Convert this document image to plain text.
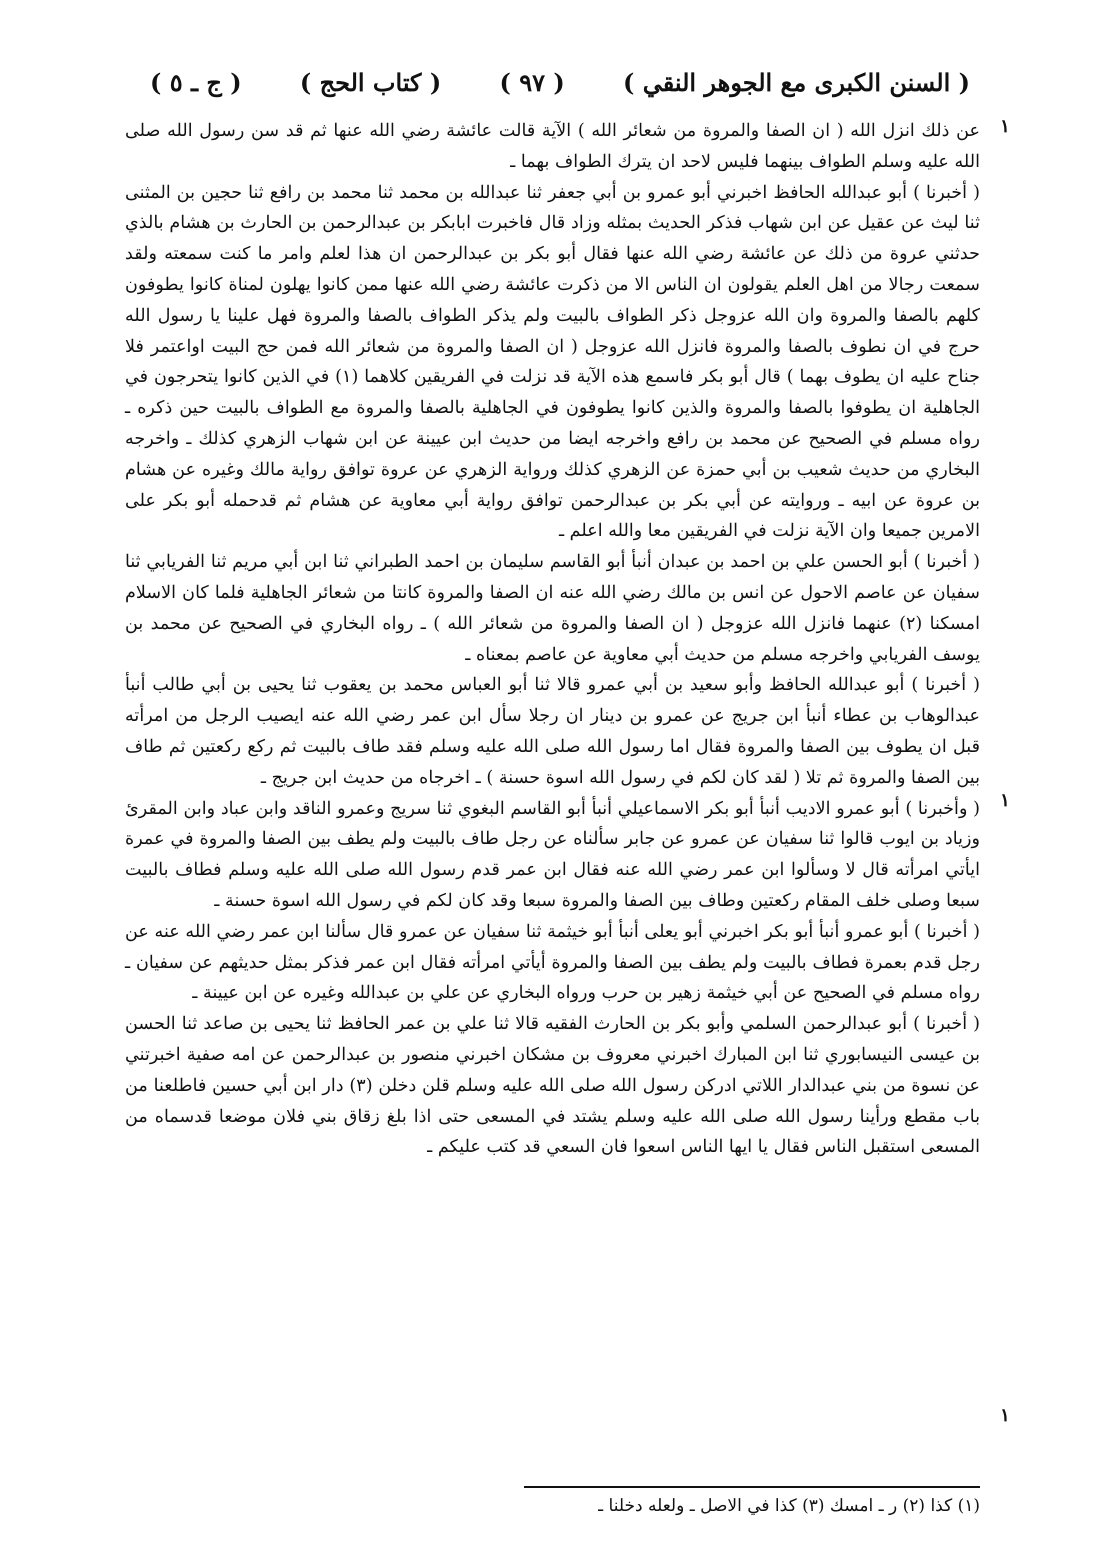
( السنن الكبرى مع الجوهر النقي )
( ٩٧ )
( كتاب الحج )
( ج ـ ٥ )
١
١
١

عن ذلك انزل الله ( ان الصفا والمروة من شعائر الله ) الآية قالت عائشة رضي الله عنها ثم قد سن رسول الله صلى الله عليه وسلم الطواف بينهما فليس لاحد ان يترك الطواف بهما ـ

( أخبرنا ) أبو عبدالله الحافظ اخبرني أبو عمرو بن أبي جعفر ثنا عبدالله بن محمد ثنا محمد بن رافع ثنا حجين بن المثنى ثنا ليث عن عقيل عن ابن شهاب فذكر الحديث بمثله وزاد قال فاخبرت ابابكر بن عبدالرحمن بن الحارث بن هشام بالذي حدثني عروة من ذلك عن عائشة رضي الله عنها فقال أبو بكر بن عبدالرحمن ان هذا لعلم وامر ما كنت سمعته ولقد سمعت رجالا من اهل العلم يقولون ان الناس الا من ذكرت عائشة رضي الله عنها ممن كانوا يهلون لمناة كانوا يطوفون كلهم بالصفا والمروة وان الله عزوجل ذكر الطواف بالبيت ولم يذكر الطواف بالصفا والمروة فهل علينا يا رسول الله حرج في ان نطوف بالصفا والمروة فانزل الله عزوجل ( ان الصفا والمروة من شعائر الله فمن حج البيت اواعتمر فلا جناح عليه ان يطوف بهما ) قال أبو بكر فاسمع هذه الآية قد نزلت في الفريقين كلاهما (١) في الذين كانوا يتحرجون في الجاهلية ان يطوفوا بالصفا والمروة والذين كانوا يطوفون في الجاهلية بالصفا والمروة مع الطواف بالبيت حين ذكره ـ رواه مسلم في الصحيح عن محمد بن رافع واخرجه ايضا من حديث ابن عيينة عن ابن شهاب الزهري كذلك ـ واخرجه البخاري من حديث شعيب بن أبي حمزة عن الزهري كذلك ورواية الزهري عن عروة توافق رواية مالك وغيره عن هشام بن عروة عن ابيه ـ وروايته عن أبي بكر بن عبدالرحمن توافق رواية أبي معاوية عن هشام ثم قدحمله أبو بكر على الامرين جميعا وان الآية نزلت في الفريقين معا والله اعلم ـ

( أخبرنا ) أبو الحسن علي بن احمد بن عبدان أنبأ أبو القاسم سليمان بن احمد الطبراني ثنا ابن أبي مريم ثنا الفريابي ثنا سفيان عن عاصم الاحول عن انس بن مالك رضي الله عنه ان الصفا والمروة كانتا من شعائر الجاهلية فلما كان الاسلام امسكنا (٢) عنهما فانزل الله عزوجل ( ان الصفا والمروة من شعائر الله ) ـ رواه البخاري في الصحيح عن محمد بن يوسف الفريابي واخرجه مسلم من حديث أبي معاوية عن عاصم بمعناه ـ

( أخبرنا ) أبو عبدالله الحافظ وأبو سعيد بن أبي عمرو قالا ثنا أبو العباس محمد بن يعقوب ثنا يحيى بن أبي طالب أنبأ عبدالوهاب بن عطاء أنبأ ابن جريج عن عمرو بن دينار ان رجلا سأل ابن عمر رضي الله عنه ايصيب الرجل من امرأته قبل ان يطوف بين الصفا والمروة فقال اما رسول الله صلى الله عليه وسلم فقد طاف بالبيت ثم ركع ركعتين ثم طاف بين الصفا والمروة ثم تلا ( لقد كان لكم في رسول الله اسوة حسنة ) ـ اخرجاه من حديث ابن جريج ـ

( وأخبرنا ) أبو عمرو الاديب أنبأ أبو بكر الاسماعيلي أنبأ أبو القاسم البغوي ثنا سريج وعمرو الناقد وابن عباد وابن المقرئ وزياد بن ايوب قالوا ثنا سفيان عن عمرو عن جابر سألناه عن رجل طاف بالبيت ولم يطف بين الصفا والمروة في عمرة ايأتي امرأته قال لا وسألوا ابن عمر رضي الله عنه فقال ابن عمر قدم رسول الله صلى الله عليه وسلم فطاف بالبيت سبعا وصلى خلف المقام ركعتين وطاف بين الصفا والمروة سبعا وقد كان لكم في رسول الله اسوة حسنة ـ

( أخبرنا ) أبو عمرو أنبأ أبو بكر اخبرني أبو يعلى أنبأ أبو خيثمة ثنا سفيان عن عمرو قال سألنا ابن عمر رضي الله عنه عن رجل قدم بعمرة فطاف بالبيت ولم يطف بين الصفا والمروة أيأتي امرأته فقال ابن عمر فذكر بمثل حديثهم عن سفيان ـ رواه مسلم في الصحيح عن أبي خيثمة زهير بن حرب ورواه البخاري عن علي بن عبدالله وغيره عن ابن عيينة ـ

( أخبرنا ) أبو عبدالرحمن السلمي وأبو بكر بن الحارث الفقيه قالا ثنا علي بن عمر الحافظ ثنا يحيى بن صاعد ثنا الحسن بن عيسى النيسابوري ثنا ابن المبارك اخبرني معروف بن مشكان اخبرني منصور بن عبدالرحمن عن امه صفية اخبرتني عن نسوة من بني عبدالدار اللاتي ادركن رسول الله صلى الله عليه وسلم قلن دخلن (٣) دار ابن أبي حسين فاطلعنا من باب مقطع ورأينا رسول الله صلى الله عليه وسلم يشتد في المسعى حتى اذا بلغ زقاق بني فلان موضعا قدسماه من المسعى استقبل الناس فقال يا ايها الناس اسعوا فان السعي قد كتب عليكم ـ

(١) كذا (٢) ر ـ امسك (٣) كذا في الاصل ـ ولعله دخلنا ـ
